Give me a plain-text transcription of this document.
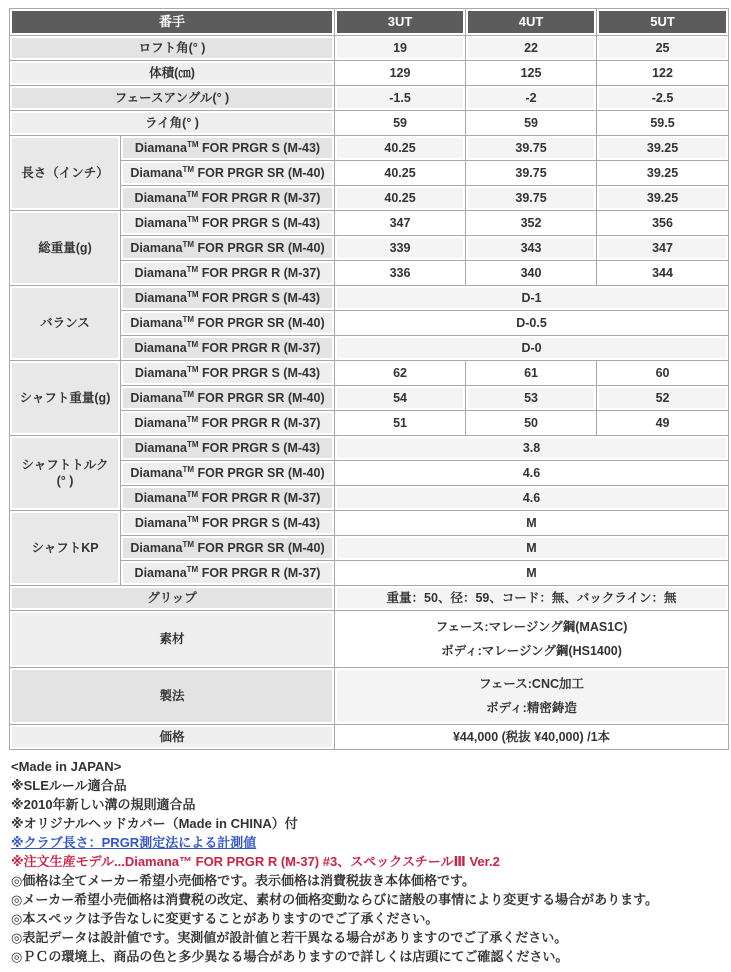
番手		3UT	4UT	5UT

ロフト角(° )		19	22	25

体積(㎝)		129	125	122

フェースアングル(° )		-1.5	-2	-2.5

ライ角(° )		59	59	59.5

長さ（インチ）	Diamana™ FOR PRGR S (M-43)	40.25	39.75	39.25
	Diamana™ FOR PRGR SR (M-40)	40.25	39.75	39.25
	Diamana™ FOR PRGR R (M-37)	40.25	39.75	39.25

総重量(g)	Diamana™ FOR PRGR S (M-43)	347	352	356
	Diamana™ FOR PRGR SR (M-40)	339	343	347
	Diamana™ FOR PRGR R (M-37)	336	340	344

バランス	Diamana™ FOR PRGR S (M-43)	D-1		
	Diamana™ FOR PRGR SR (M-40)	D-0.5		
	Diamana™ FOR PRGR R (M-37)	D-0		

シャフト重量(g)	Diamana™ FOR PRGR S (M-43)	62	61	60
	Diamana™ FOR PRGR SR (M-40)	54	53	52
	Diamana™ FOR PRGR R (M-37)	51	50	49

シャフトトルク
(° )	Diamana™ FOR PRGR S (M-43)	3.8		
	Diamana™ FOR PRGR SR (M-40)	4.6		
	Diamana™ FOR PRGR R (M-37)	4.6		

シャフトKP	Diamana™ FOR PRGR S (M-43)	M		
	Diamana™ FOR PRGR SR (M-40)	M		
	Diamana™ FOR PRGR R (M-37)	M		

グリップ		重量：50、径：59、コード：無、バックライン：無		

素材		フェース:マレージング鋼(MAS1C)
ボディ:マレージング鋼(HS1400)		

製法		フェース:CNC加工
ボディ:精密鋳造		

価格		¥44,000 (税抜 ¥40,000) /1本		
<Made in JAPAN>
※SLEルール適合品
※2010年新しい溝の規則適合品
※オリジナルヘッドカバー（Made in CHINA）付
※クラブ長さ：PRGR測定法による計測値
※注文生産モデル...Diamana™ FOR PRGR R (M-37) #3、スペックスチールⅢ Ver.2
◎価格は全てメーカー希望小売価格です。表示価格は消費税抜き本体価格です。
◎メーカー希望小売価格は消費税の改定、素材の価格変動ならびに諸般の事情により変更する場合があります。
◎本スペックは予告なしに変更することがありますのでご了承ください。
◎表記データは設計値です。実測値が設計値と若干異なる場合がありますのでご了承ください。
◎ＰＣの環境上、商品の色と多少異なる場合がありますので詳しくは店頭にてご確認ください。
